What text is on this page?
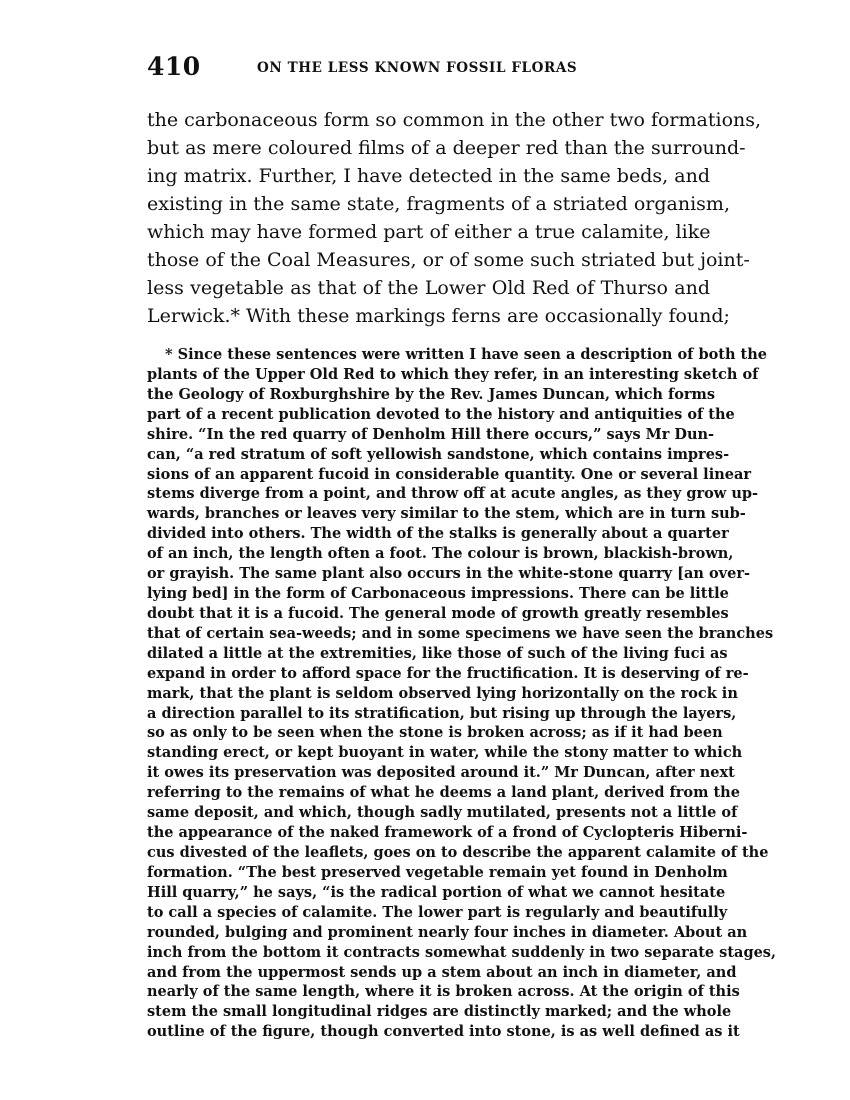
410	ON THE LESS KNOWN FOSSIL FLORAS
the carbonaceous form so common in the other two formations,
but as mere coloured films of a deeper red than the surround-
ing matrix. Further, I have detected in the same beds, and
existing in the same state, fragments of a striated organism,
which may have formed part of either a true calamite, like
those of the Coal Measures, or of some such striated but joint-
less vegetable as that of the Lower Old Red of Thurso and
Lerwick.* With these markings ferns are occasionally found;
* Since these sentences were written I have seen a description of both the
plants of the Upper Old Red to which they refer, in an interesting sketch of
the Geology of Roxburghshire by the Rev. James Duncan, which forms
part of a recent publication devoted to the history and antiquities of the
shire. “In the red quarry of Denholm Hill there occurs,” says Mr Dun-
can, “a red stratum of soft yellowish sandstone, which contains impres-
sions of an apparent fucoid in considerable quantity. One or several linear
stems diverge from a point, and throw off at acute angles, as they grow up-
wards, branches or leaves very similar to the stem, which are in turn sub-
divided into others. The width of the stalks is generally about a quarter
of an inch, the length often a foot. The colour is brown, blackish-brown,
or grayish. The same plant also occurs in the white-stone quarry [an over-
lying bed] in the form of Carbonaceous impressions. There can be little
doubt that it is a fucoid. The general mode of growth greatly resembles
that of certain sea-weeds; and in some specimens we have seen the branches
dilated a little at the extremities, like those of such of the living fuci as
expand in order to afford space for the fructification. It is deserving of re-
mark, that the plant is seldom observed lying horizontally on the rock in
a direction parallel to its stratification, but rising up through the layers,
so as only to be seen when the stone is broken across; as if it had been
standing erect, or kept buoyant in water, while the stony matter to which
it owes its preservation was deposited around it.” Mr Duncan, after next
referring to the remains of what he deems a land plant, derived from the
same deposit, and which, though sadly mutilated, presents not a little of
the appearance of the naked framework of a frond of Cyclopteris Hiberni-
cus divested of the leaflets, goes on to describe the apparent calamite of the
formation. “The best preserved vegetable remain yet found in Denholm
Hill quarry,” he says, “is the radical portion of what we cannot hesitate
to call a species of calamite. The lower part is regularly and beautifully
rounded, bulging and prominent nearly four inches in diameter. About an
inch from the bottom it contracts somewhat suddenly in two separate stages,
and from the uppermost sends up a stem about an inch in diameter, and
nearly of the same length, where it is broken across. At the origin of this
stem the small longitudinal ridges are distinctly marked; and the whole
outline of the figure, though converted into stone, is as well defined as it
